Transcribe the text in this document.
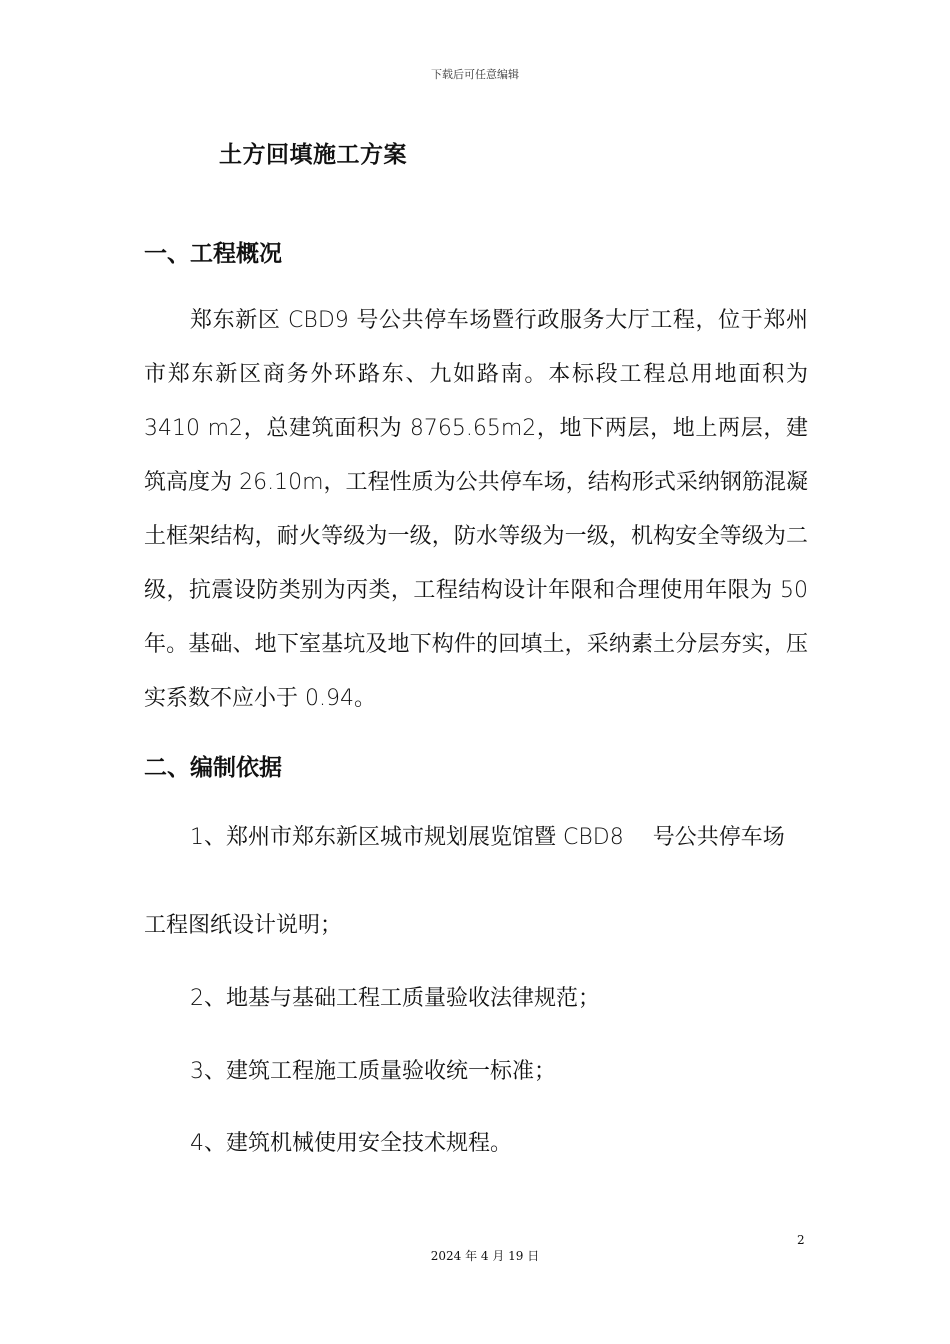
下载后可任意编辑
土方回填施工方案
一、工程概况

郑东新区 CBD9 号公共停车场暨行政服务大厅工程，位于郑州市郑东新区商务外环路东、九如路南。本标段工程总用地面积为 3410 m2，总建筑面积为 8765.65m2，地下两层，地上两层，建筑高度为 26.10m，工程性质为公共停车场，结构形式采纳钢筋混凝土框架结构，耐火等级为一级，防水等级为一级，机构安全等级为二级，抗震设防类别为丙类，工程结构设计年限和合理使用年限为 50 年。基础、地下室基坑及地下构件的回填土，采纳素土分层夯实，压实系数不应小于 0.94。

二、编制依据
1、郑州市郑东新区城市规划展览馆暨 CBD8　 号公共停车场
工程图纸设计说明；
2、地基与基础工程工质量验收法律规范；
3、建筑工程施工质量验收统一标准；
4、建筑机械使用安全技术规程。
2
2024 年 4 月 19 日
